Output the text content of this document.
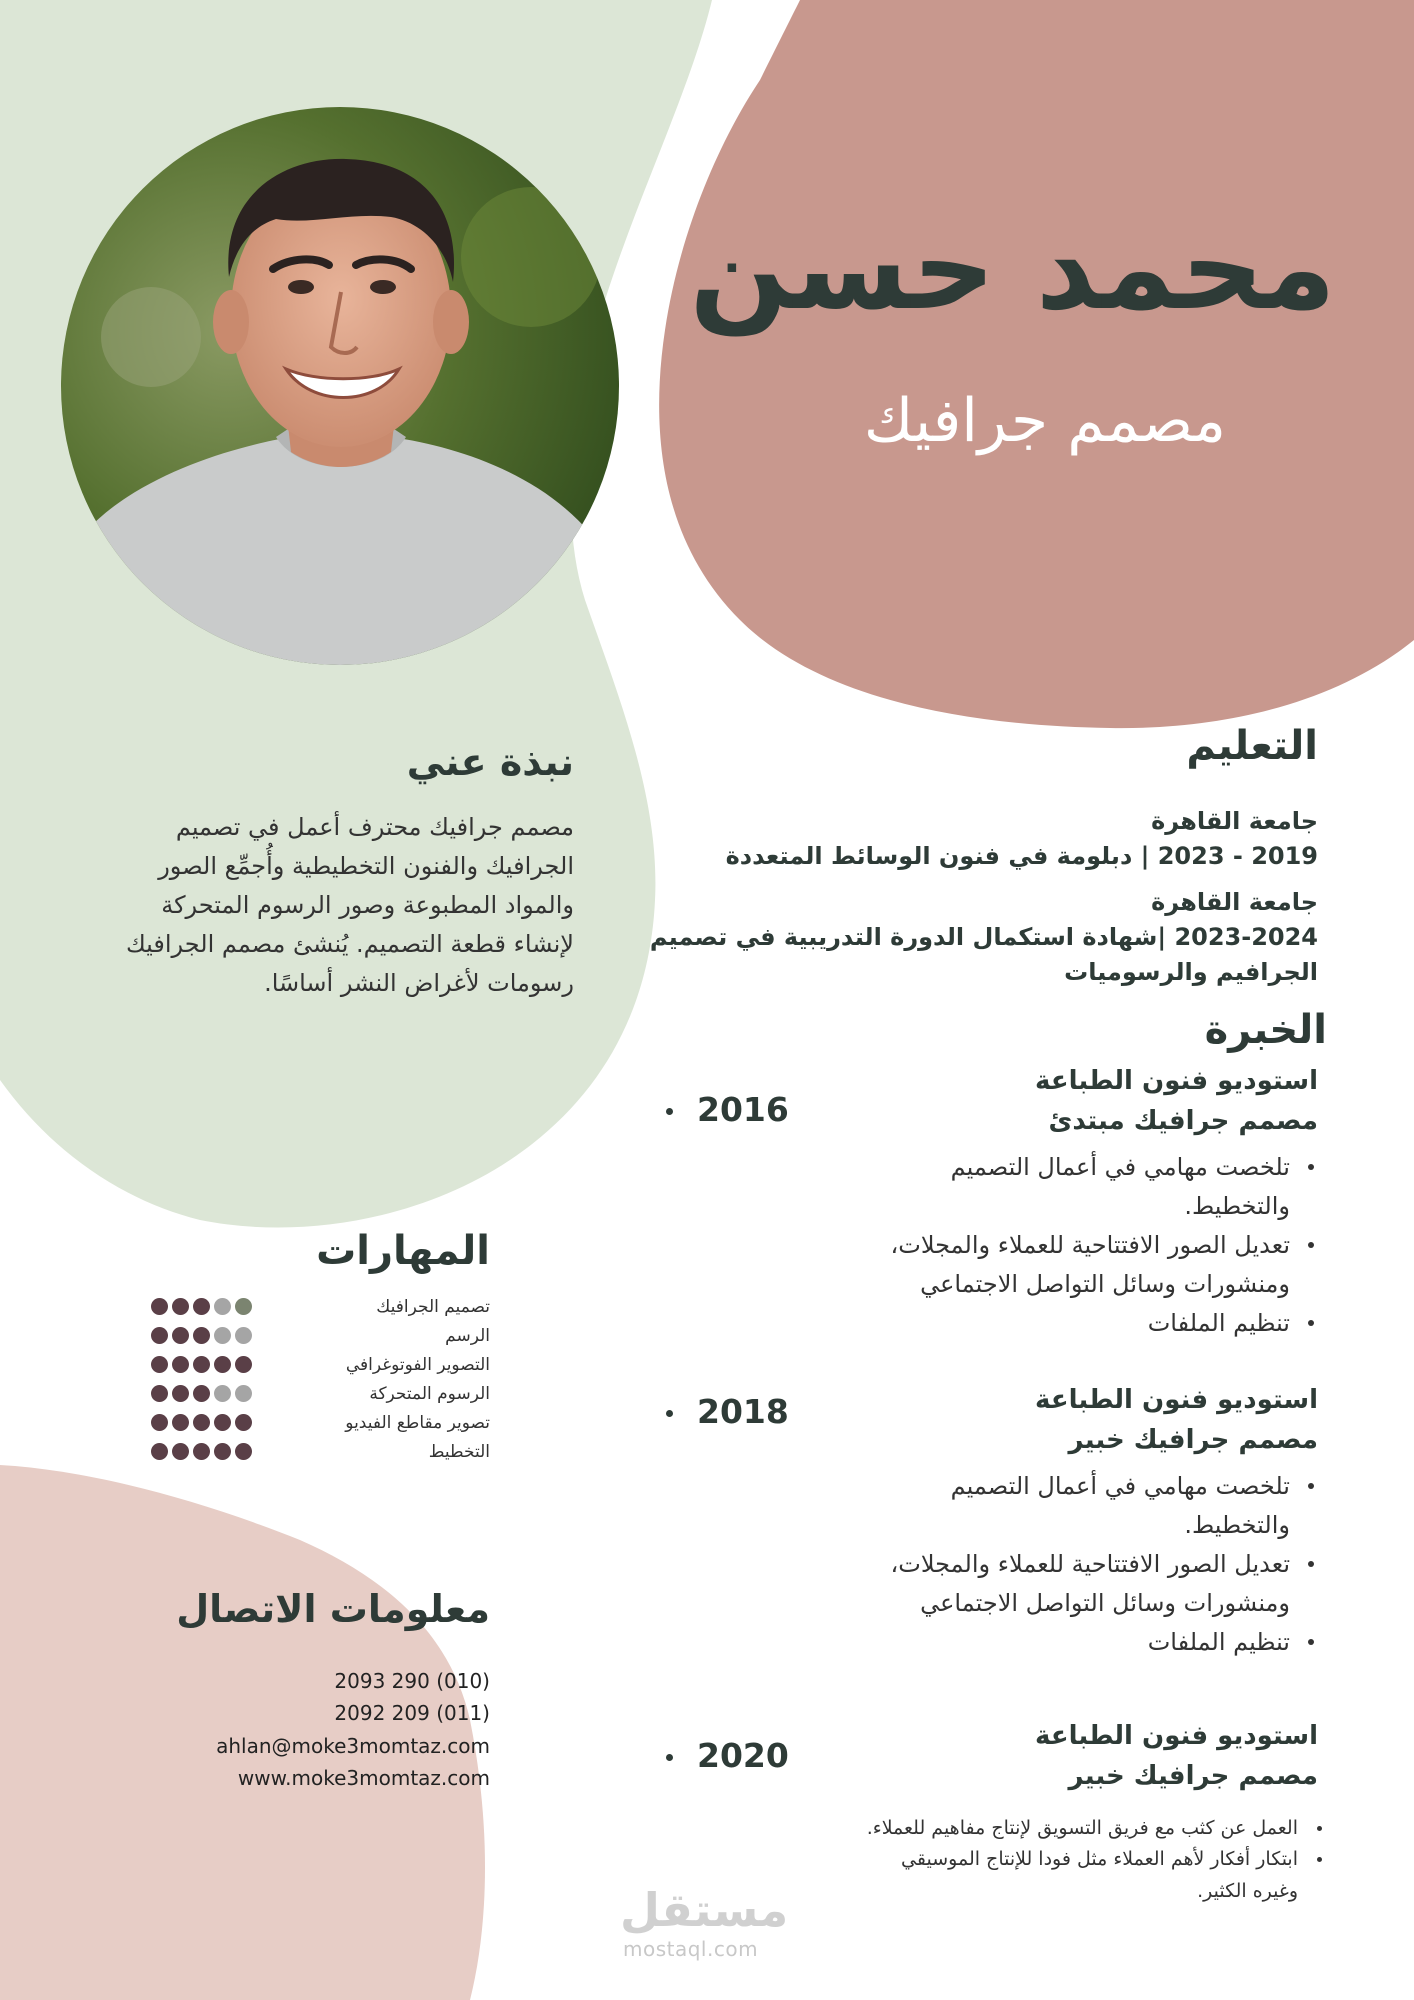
محمد حسن
مصمم جرافيك
التعليم
جامعة القاهرة
2019 - 2023 | دبلومة في فنون الوسائط المتعددة
جامعة القاهرة
2023-2024 |شهادة استكمال الدورة التدريبية في تصميم الجرافيم والرسوميات
نبذة عني
مصمم جرافيك محترف أعمل في تصميم الجرافيك والفنون التخطيطية وأُجمِّع الصور والمواد المطبوعة وصور الرسوم المتحركة لإنشاء قطعة التصميم. يُنشئ مصمم الجرافيك رسومات لأغراض النشر أساسًا.
الخبرة
2016
استوديو فنون الطباعة
مصمم جرافيك مبتدئ
تلخصت مهامي في أعمال التصميم والتخطيط.
تعديل الصور الافتتاحية للعملاء والمجلات، ومنشورات وسائل التواصل الاجتماعي
تنظيم الملفات
2018	استوديو فنون الطباعة
مصمم جرافيك خبير
تلخصت مهامي في أعمال التصميم والتخطيط.
تعديل الصور الافتتاحية للعملاء والمجلات، ومنشورات وسائل التواصل الاجتماعي
تنظيم الملفات
2020	استوديو فنون الطباعة
مصمم جرافيك خبير
العمل عن كثب مع فريق التسويق لإنتاج مفاهيم للعملاء.
ابتكار أفكار لأهم العملاء مثل فودا للإنتاج الموسيقي وغيره الكثير.
المهارات
تصميم الجرافيك
الرسم
التصوير الفوتوغرافي
الرسوم المتحركة
تصوير مقاطع الفيديو
التخطيط
معلومات الاتصال
2093 290 (010)
2092 209 (011)
ahlan@moke3momtaz.com
www.moke3momtaz.com
مستقل
mostaql.com
